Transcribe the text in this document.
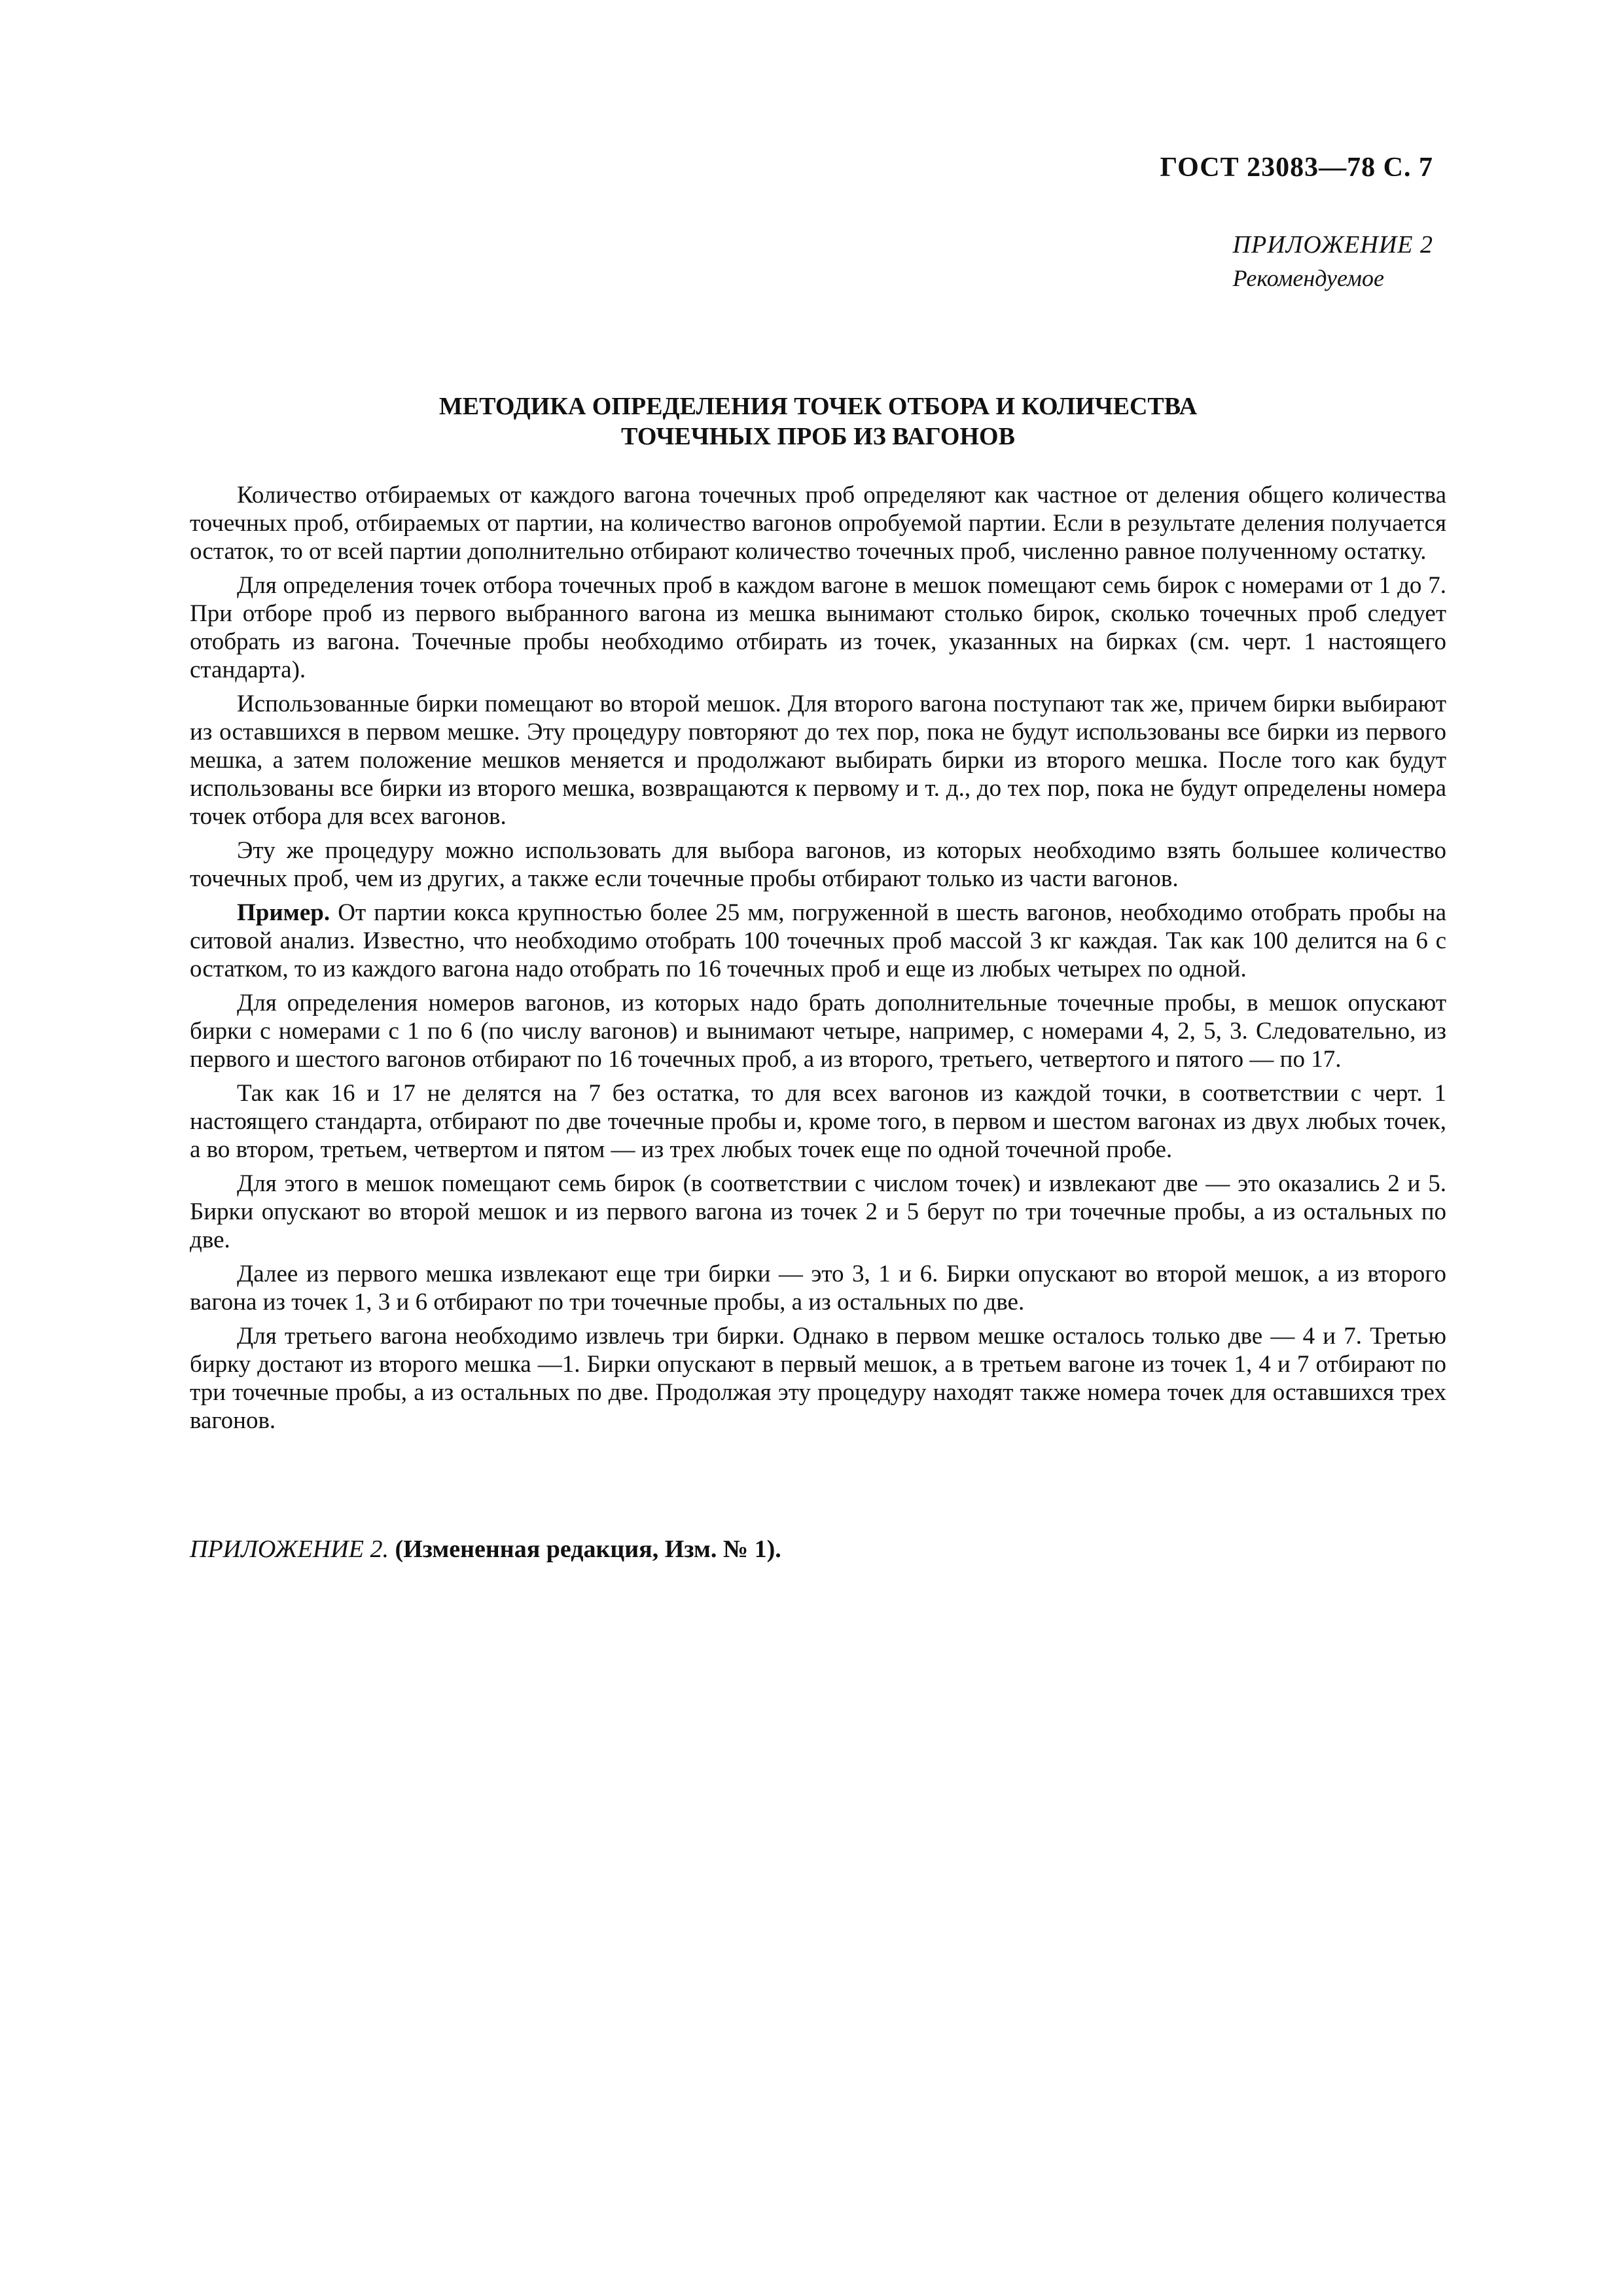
ГОСТ 23083—78 С. 7
ПРИЛОЖЕНИЕ 2
Рекомендуемое
МЕТОДИКА ОПРЕДЕЛЕНИЯ ТОЧЕК ОТБОРА И КОЛИЧЕСТВА
ТОЧЕЧНЫХ ПРОБ ИЗ ВАГОНОВ

Количество отбираемых от каждого вагона точечных проб определяют как частное от деления общего количества точечных проб, отбираемых от партии, на количество вагонов опробуемой партии. Если в результате деления получается остаток, то от всей партии дополнительно отбирают количество точечных проб, численно равное полученному остатку.

Для определения точек отбора точечных проб в каждом вагоне в мешок помещают семь бирок с номерами от 1 до 7. При отборе проб из первого выбранного вагона из мешка вынимают столько бирок, сколько точечных проб следует отобрать из вагона. Точечные пробы необходимо отбирать из точек, указанных на бирках (см. черт. 1 настоящего стандарта).

Использованные бирки помещают во второй мешок. Для второго вагона поступают так же, причем бирки выбирают из оставшихся в первом мешке. Эту процедуру повторяют до тех пор, пока не будут использованы все бирки из первого мешка, а затем положение мешков меняется и продолжают выбирать бирки из второго мешка. После того как будут использованы все бирки из второго мешка, возвращаются к первому и т. д., до тех пор, пока не будут определены номера точек отбора для всех вагонов.

Эту же процедуру можно использовать для выбора вагонов, из которых необходимо взять большее количество точечных проб, чем из других, а также если точечные пробы отбирают только из части вагонов.

Пример. От партии кокса крупностью более 25 мм, погруженной в шесть вагонов, необходимо отобрать пробы на ситовой анализ. Известно, что необходимо отобрать 100 точечных проб массой 3 кг каждая. Так как 100 делится на 6 с остатком, то из каждого вагона надо отобрать по 16 точечных проб и еще из любых четырех по одной.

Для определения номеров вагонов, из которых надо брать дополнительные точечные пробы, в мешок опускают бирки с номерами с 1 по 6 (по числу вагонов) и вынимают четыре, например, с номерами 4, 2, 5, 3. Следовательно, из первого и шестого вагонов отбирают по 16 точечных проб, а из второго, третьего, четвертого и пятого — по 17.

Так как 16 и 17 не делятся на 7 без остатка, то для всех вагонов из каждой точки, в соответствии с черт. 1 настоящего стандарта, отбирают по две точечные пробы и, кроме того, в первом и шестом вагонах из двух любых точек, а во втором, третьем, четвертом и пятом — из трех любых точек еще по одной точечной пробе.

Для этого в мешок помещают семь бирок (в соответствии с числом точек) и извлекают две — это оказались 2 и 5. Бирки опускают во второй мешок и из первого вагона из точек 2 и 5 берут по три точечные пробы, а из остальных по две.

Далее из первого мешка извлекают еще три бирки — это 3, 1 и 6. Бирки опускают во второй мешок, а из второго вагона из точек 1, 3 и 6 отбирают по три точечные пробы, а из остальных по две.

Для третьего вагона необходимо извлечь три бирки. Однако в первом мешке осталось только две — 4 и 7. Третью бирку достают из второго мешка —1. Бирки опускают в первый мешок, а в третьем вагоне из точек 1, 4 и 7 отбирают по три точечные пробы, а из остальных по две. Продолжая эту процедуру находят также номера точек для оставшихся трех вагонов.

ПРИЛОЖЕНИЕ 2. (Измененная редакция, Изм. № 1).
